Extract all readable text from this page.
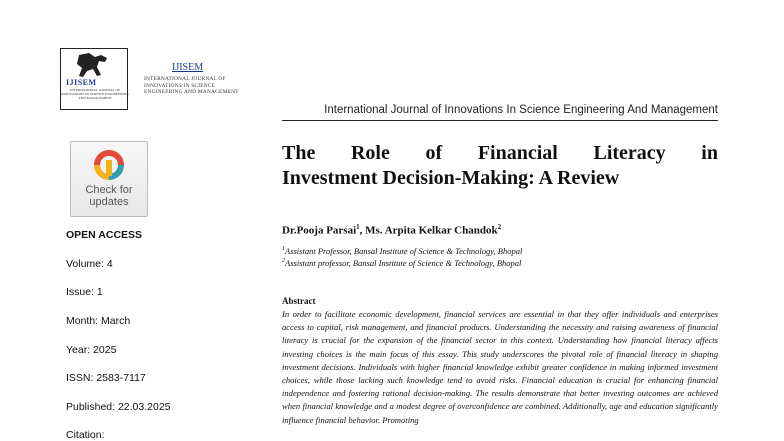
IJISEM
INTERNATIONAL JOURNAL OF INNOVATIONS IN SCIENCE ENGINEERING AND MANAGEMENT
IJISEM
INTERNATIONAL JOURNAL OF INNOVATIONS IN SCIENCE ENGINEERING AND MANAGEMENT
International Journal of Innovations In Science Engineering And Management
Check for
updates
OPEN ACCESS
Volume: 4
Issue: 1
Month: March
Year: 2025
ISSN: 2583-7117
Published: 22.03.2025
Citation:
The Role of Financial Literacy in
Investment Decision-Making: A Review
Dr.Pooja Parsai$^1$, Ms. Arpita Kelkar Chandok$^2$
$^1$Assistant Professor, Bansal Institute of Science & Technology, Bhopal
$^2$Assistant professor, Bansal Institute of Science & Technology, Bhopal
Abstract
In order to facilitate economic development, financial services are essential in that they offer individuals and enterprises access to capital, risk management, and financial products. Understanding the necessity and raising awareness of financial literacy is crucial for the expansion of the financial sector in this context. Understanding how financial literacy affects investing choices is the main focus of this essay. This study underscores the pivotal role of financial literacy in shaping investment decisions. Individuals with higher financial knowledge exhibit greater confidence in making informed investment choices, while those lacking such knowledge tend to avoid risks. Financial education is crucial for enhancing financial independence and fostering rational decision-making. The results demonstrate that better investing outcomes are achieved when financial knowledge and a modest degree of overconfidence are combined. Additionally, age and education significantly influence financial behavior. Promoting
